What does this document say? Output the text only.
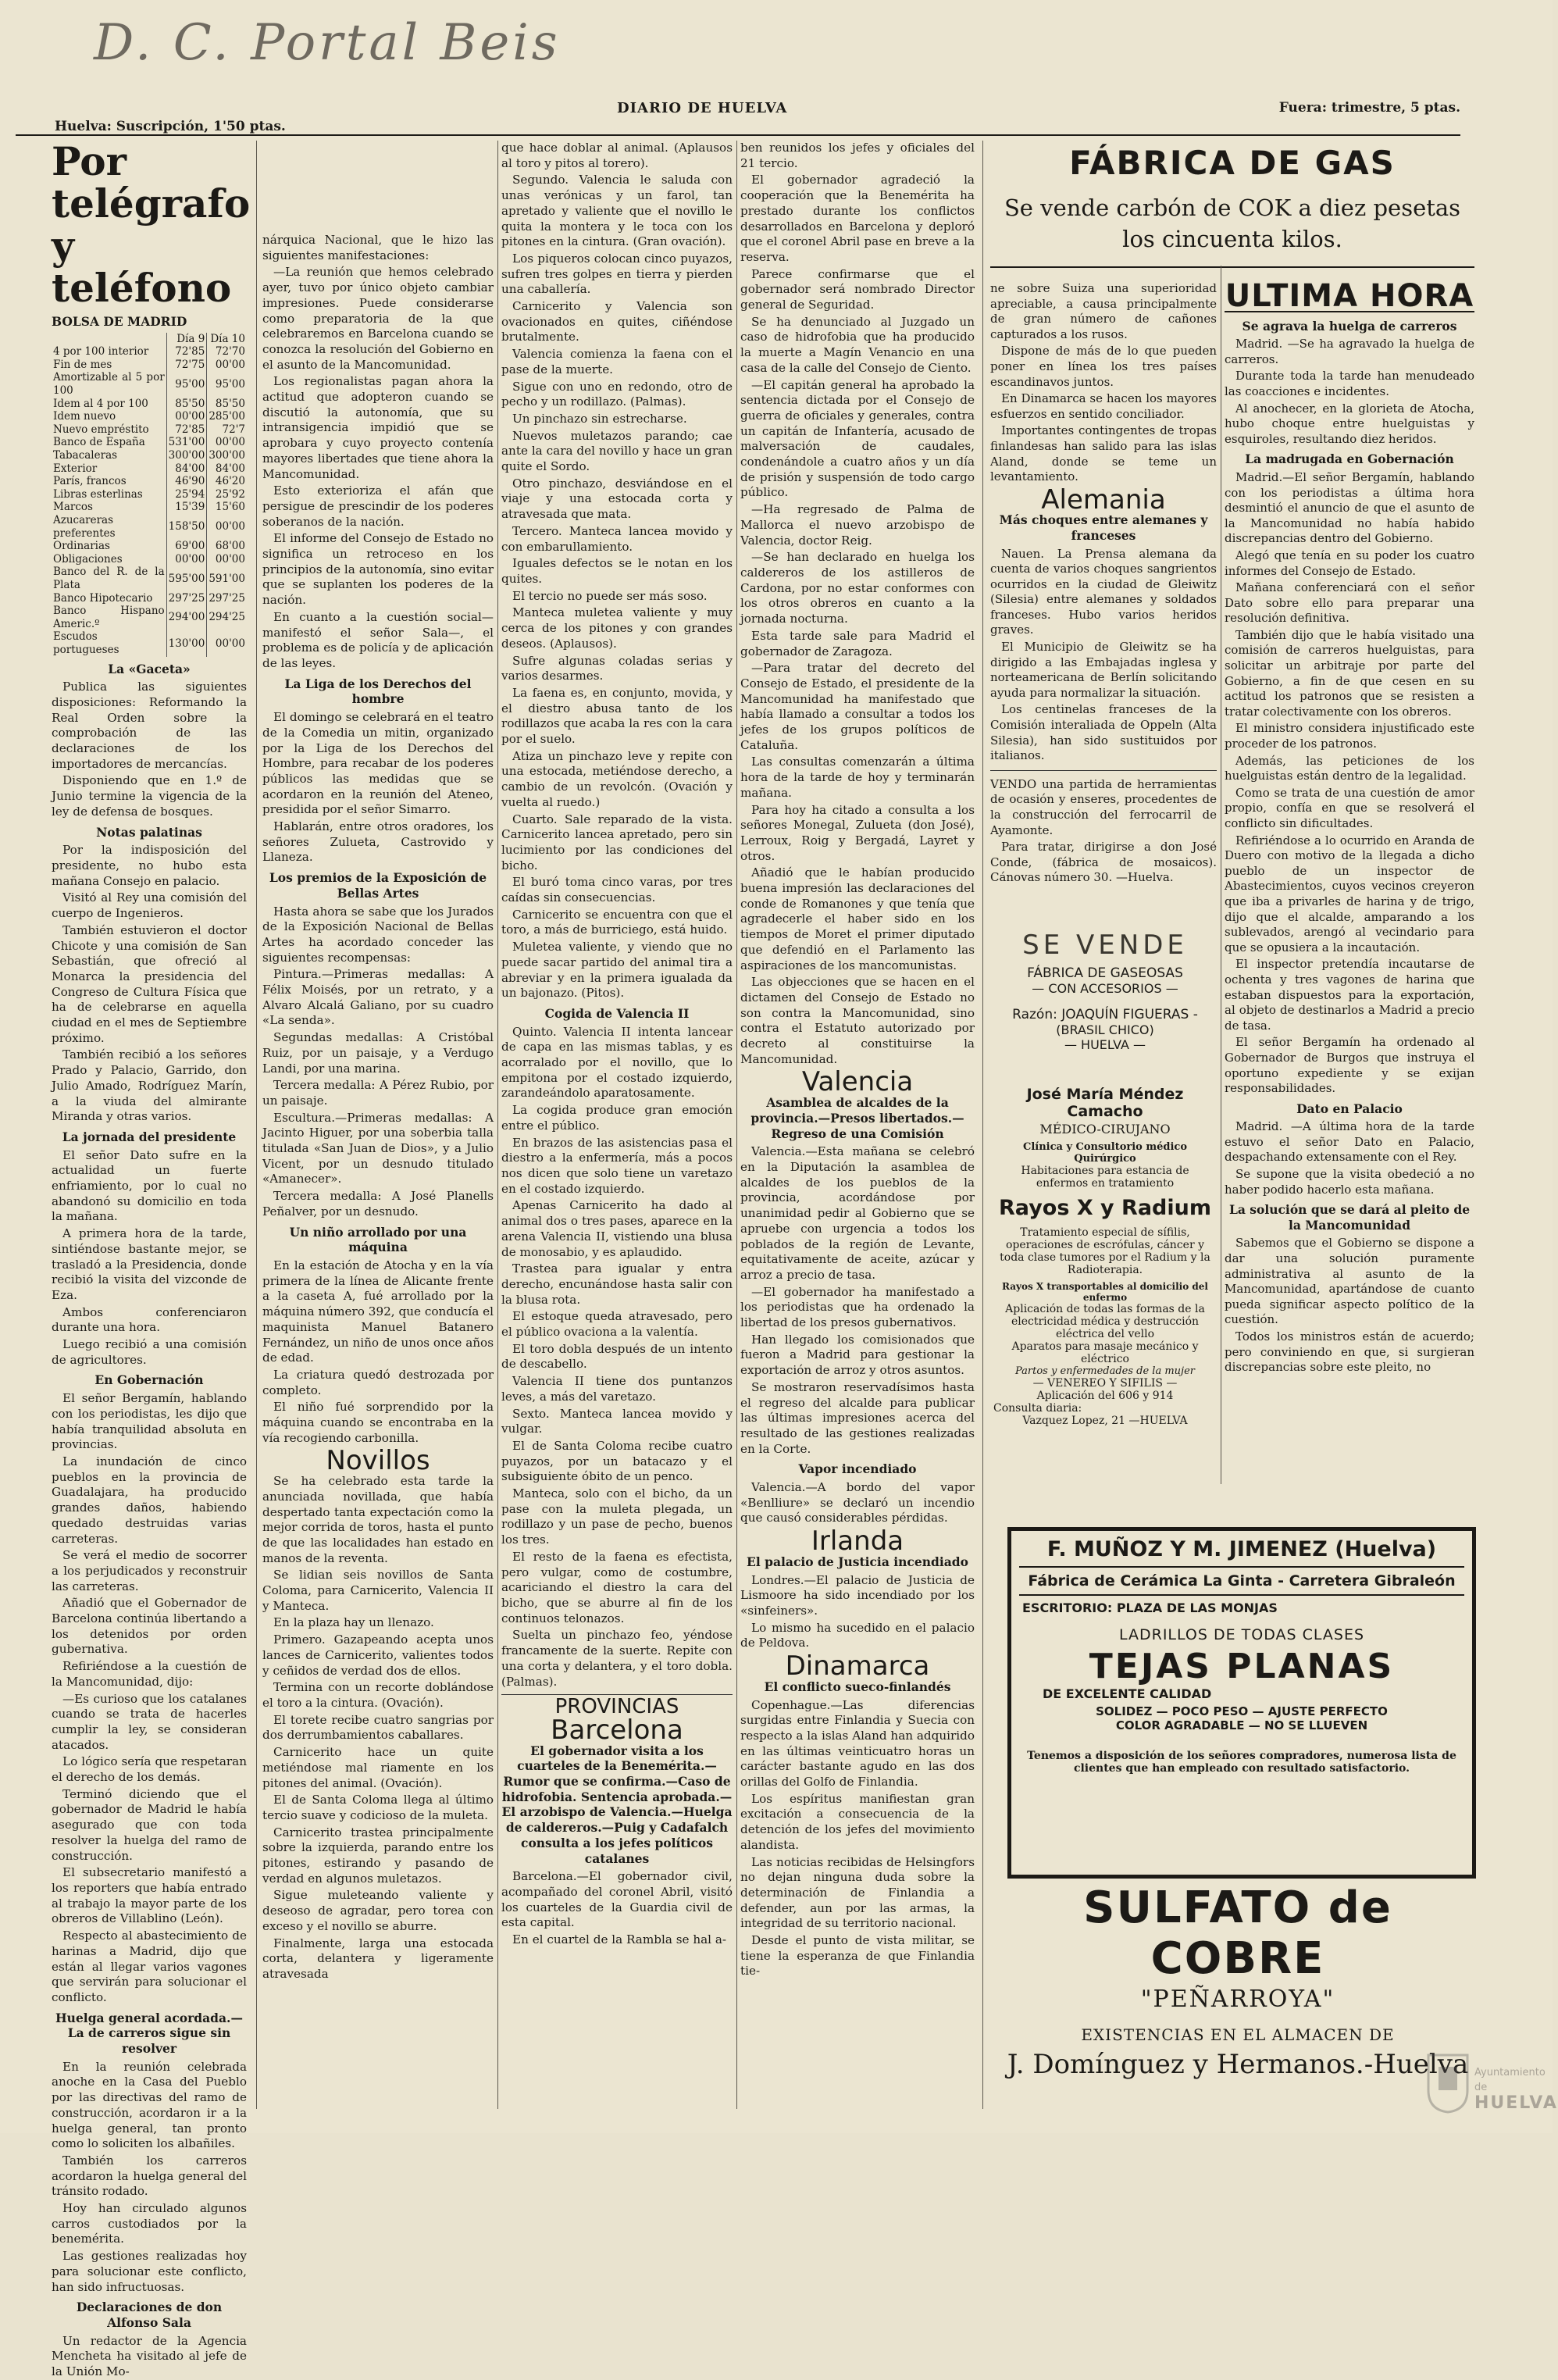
D. C. Portal Beis
Huelva: Suscripción, 1'50 ptas.
DIARIO DE HUELVA	Fuera: trimestre, 5 ptas.

Por telégrafo y teléfono

BOLSA DE MADRID
	Día 9	Día 10
4 por 100 interior	72'85	72'70
Fin de mes	72'75	00'00
Amortizable al 5 por 100	95'00	95'00
Idem al 4 por 100	85'50	85'50
Idem nuevo	00'00	285'00
Nuevo empréstito	72'85	72'7
Banco de España	531'00	00'00
Tabacaleras	300'00	300'00
Exterior	84'00	84'00
París, francos	46'90	46'20
Libras esterlinas	25'94	25'92
Marcos	15'39	15'60
Azucareras preferentes	158'50	00'00
Ordinarias	69'00	68'00
Obligaciones	00'00	00'00
Banco del R. de la Plata	595'00	591'00
Banco Hipotecario	297'25	297'25
Banco Hispano Americ.º	294'00	294'25
Escudos portugueses	130'00	00'00
La «Gaceta»

Publica las siguientes disposiciones: Reformando la Real Orden sobre la comprobación de las declaraciones de los importadores de mercancías.

Disponiendo que en 1.º de Junio termine la vigencia de la ley de defensa de bosques.

Notas palatinas

Por la indisposición del presidente, no hubo esta mañana Consejo en palacio.

Visitó al Rey una comisión del cuerpo de Ingenieros.

También estuvieron el doctor Chicote y una comisión de San Sebastián, que ofreció al Monarca la presidencia del Congreso de Cultura Física que ha de celebrarse en aquella ciudad en el mes de Septiembre próximo.

También recibió a los señores Prado y Palacio, Garrido, don Julio Amado, Rodríguez Marín, a la viuda del almirante Miranda y otras varios.

La jornada del presidente

El señor Dato sufre en la actualidad un fuerte enfriamiento, por lo cual no abandonó su domicilio en toda la mañana.

A primera hora de la tarde, sintiéndose bastante mejor, se trasladó a la Presidencia, donde recibió la visita del vizconde de Eza.

Ambos conferenciaron durante una hora.

Luego recibió a una comisión de agricultores.

En Gobernación

El señor Bergamín, hablando con los periodistas, les dijo que había tranquilidad absoluta en provincias.

La inundación de cinco pueblos en la provincia de Guadalajara, ha producido grandes daños, habiendo quedado destruidas varias carreteras.

Se verá el medio de socorrer a los perjudicados y reconstruir las carreteras.

Añadió que el Gobernador de Barcelona continúa libertando a los detenidos por orden gubernativa.

Refiriéndose a la cuestión de la Mancomunidad, dijo:

—Es curioso que los catalanes cuando se trata de hacerles cumplir la ley, se consideran atacados.

Lo lógico sería que respetaran el derecho de los demás.

Terminó diciendo que el gobernador de Madrid le había asegurado que con toda resolver la huelga del ramo de construcción.

El subsecretario manifestó a los reporters que había entrado al trabajo la mayor parte de los obreros de Villablino (León).

Respecto al abastecimiento de harinas a Madrid, dijo que están al llegar varios vagones que servirán para solucionar el conflicto.

Huelga general acordada.—La de carreros sigue sin resolver

En la reunión celebrada anoche en la Casa del Pueblo por las directivas del ramo de construcción, acordaron ir a la huelga general, tan pronto como lo soliciten los albañiles.

También los carreros acordaron la huelga general del tránsito rodado.

Hoy han circulado algunos carros custodiados por la benemérita.

Las gestiones realizadas hoy para solucionar este conflicto, han sido infructuosas.

Declaraciones de don Alfonso Sala

Un redactor de la Agencia Mencheta ha visitado al jefe de la Unión Mo-

nárquica Nacional, que le hizo las siguientes manifestaciones:

—La reunión que hemos celebrado ayer, tuvo por único objeto cambiar impresiones. Puede considerarse como preparatoria de la que celebraremos en Barcelona cuando se conozca la resolución del Gobierno en el asunto de la Mancomunidad.

Los regionalistas pagan ahora la actitud que adopteron cuando se discutió la autonomía, que su intransigencia impidió que se aprobara y cuyo proyecto contenía mayores libertades que tiene ahora la Mancomunidad.

Esto exterioriza el afán que persigue de prescindir de los poderes soberanos de la nación.

El informe del Consejo de Estado no significa un retroceso en los principios de la autonomía, sino evitar que se suplanten los poderes de la nación.

En cuanto a la cuestión social—manifestó el señor Sala—, el problema es de policía y de aplicación de las leyes.

La Liga de los Derechos del hombre

El domingo se celebrará en el teatro de la Comedia un mitin, organizado por la Liga de los Derechos del Hombre, para recabar de los poderes públicos las medidas que se acordaron en la reunión del Ateneo, presidida por el señor Simarro.

Hablarán, entre otros oradores, los señores Zulueta, Castrovido y Llaneza.

Los premios de la Exposición de Bellas Artes

Hasta ahora se sabe que los Jurados de la Exposición Nacional de Bellas Artes ha acordado conceder las siguientes recompensas:

Pintura.—Primeras medallas: A Félix Moisés, por un retrato, y a Alvaro Alcalá Galiano, por su cuadro «La senda».

Segundas medallas: A Cristóbal Ruiz, por un paisaje, y a Verdugo Landi, por una marina.

Tercera medalla: A Pérez Rubio, por un paisaje.

Escultura.—Primeras medallas: A Jacinto Higuer, por una soberbia talla titulada «San Juan de Dios», y a Julio Vicent, por un desnudo titulado «Amanecer».

Tercera medalla: A José Planells Peñalver, por un desnudo.

Un niño arrollado por una máquina

En la estación de Atocha y en la vía primera de la línea de Alicante frente a la caseta A, fué arrollado por la máquina número 392, que conducía el maquinista Manuel Batanero Fernández, un niño de unos once años de edad.

La criatura quedó destrozada por completo.

El niño fué sorprendido por la máquina cuando se encontraba en la vía recogiendo carbonilla.

Novillos

Se ha celebrado esta tarde la anunciada novillada, que había despertado tanta expectación como la mejor corrida de toros, hasta el punto de que las localidades han estado en manos de la reventa.

Se lidian seis novillos de Santa Coloma, para Carnicerito, Valencia II y Manteca.

En la plaza hay un llenazo.

Primero. Gazapeando acepta unos lances de Carnicerito, valientes todos y ceñidos de verdad dos de ellos.

Termina con un recorte doblándose el toro a la cintura. (Ovación).

El torete recibe cuatro sangrias por dos derrumbamientos caballares.

Carnicerito hace un quite metiéndose mal riamente en los pitones del animal. (Ovación).

El de Santa Coloma llega al último tercio suave y codicioso de la muleta.

Carnicerito trastea principalmente sobre la izquierda, parando entre los pitones, estirando y pasando de verdad en algunos muletazos.

Sigue muleteando valiente y deseoso de agradar, pero torea con exceso y el novillo se aburre.

Finalmente, larga una estocada corta, delantera y ligeramente atravesada

que hace doblar al animal. (Aplausos al toro y pitos al torero).

Segundo. Valencia le saluda con unas verónicas y un farol, tan apretado y valiente que el novillo le quita la montera y le toca con los pitones en la cintura. (Gran ovación).

Los piqueros colocan cinco puyazos, sufren tres golpes en tierra y pierden una caballería.

Carnicerito y Valencia son ovacionados en quites, ciñéndose brutalmente.

Valencia comienza la faena con el pase de la muerte.

Sigue con uno en redondo, otro de pecho y un rodillazo. (Palmas).

Un pinchazo sin estrecharse.

Nuevos muletazos parando; cae ante la cara del novillo y hace un gran quite el Sordo.

Otro pinchazo, desviándose en el viaje y una estocada corta y atravesada que mata.

Tercero. Manteca lancea movido y con embarullamiento.

Iguales defectos se le notan en los quites.

El tercio no puede ser más soso.

Manteca muletea valiente y muy cerca de los pitones y con grandes deseos. (Aplausos).

Sufre algunas coladas serias y varios desarmes.

La faena es, en conjunto, movida, y el diestro abusa tanto de los rodillazos que acaba la res con la cara por el suelo.

Atiza un pinchazo leve y repite con una estocada, metiéndose derecho, a cambio de un revolcón. (Ovación y vuelta al ruedo.)

Cuarto. Sale reparado de la vista. Carnicerito lancea apretado, pero sin lucimiento por las condiciones del bicho.

El buró toma cinco varas, por tres caídas sin consecuencias.

Carnicerito se encuentra con que el toro, a más de burriciego, está huido.

Muletea valiente, y viendo que no puede sacar partido del animal tira a abreviar y en la primera igualada da un bajonazo. (Pitos).

Cogida de Valencia II

Quinto. Valencia II intenta lancear de capa en las mismas tablas, y es acorralado por el novillo, que lo empitona por el costado izquierdo, zarandeándolo aparatosamente.

La cogida produce gran emoción entre el público.

En brazos de las asistencias pasa el diestro a la enfermería, más a pocos nos dicen que solo tiene un varetazo en el costado izquierdo.

Apenas Carnicerito ha dado al animal dos o tres pases, aparece en la arena Valencia II, vistiendo una blusa de monosabio, y es aplaudido.

Trastea para igualar y entra derecho, encunándose hasta salir con la blusa rota.

El estoque queda atravesado, pero el público ovaciona a la valentía.

El toro dobla después de un intento de descabello.

Valencia II tiene dos puntanzos leves, a más del varetazo.

Sexto. Manteca lancea movido y vulgar.

El de Santa Coloma recibe cuatro puyazos, por un batacazo y el subsiguiente óbito de un penco.

Manteca, solo con el bicho, da un pase con la muleta plegada, un rodillazo y un pase de pecho, buenos los tres.

El resto de la faena es efectista, pero vulgar, como de costumbre, acariciando el diestro la cara del bicho, que se aburre al fin de los continuos telonazos.

Suelta un pinchazo feo, yéndose francamente de la suerte. Repite con una corta y delantera, y el toro dobla. (Palmas).

PROVINCIAS
Barcelona
El gobernador visita a los cuarteles de la Benemérita.—Rumor que se confirma.—Caso de hidrofobia. Sentencia aprobada.—El arzobispo de Valencia.—Huelga de caldereros.—Puig y Cadafalch consulta a los jefes políticos catalanes

Barcelona.—El gobernador civil, acompañado del coronel Abril, visitó los cuarteles de la Guardia civil de esta capital.

En el cuartel de la Rambla se hal a-

ben reunidos los jefes y oficiales del 21 tercio.

El gobernador agradeció la cooperación que la Benemérita ha prestado durante los conflictos desarrollados en Barcelona y deploró que el coronel Abril pase en breve a la reserva.

Parece confirmarse que el gobernador será nombrado Director general de Seguridad.

Se ha denunciado al Juzgado un caso de hidrofobia que ha producido la muerte a Magín Venancio en una casa de la calle del Consejo de Ciento.

—El capitán general ha aprobado la sentencia dictada por el Consejo de guerra de oficiales y generales, contra un capitán de Infantería, acusado de malversación de caudales, condenándole a cuatro años y un día de prisión y suspensión de todo cargo público.

—Ha regresado de Palma de Mallorca el nuevo arzobispo de Valencia, doctor Reig.

—Se han declarado en huelga los caldereros de los astilleros de Cardona, por no estar conformes con los otros obreros en cuanto a la jornada nocturna.

Esta tarde sale para Madrid el gobernador de Zaragoza.

—Para tratar del decreto del Consejo de Estado, el presidente de la Mancomunidad ha manifestado que había llamado a consultar a todos los jefes de los grupos políticos de Cataluña.

Las consultas comenzarán a última hora de la tarde de hoy y terminarán mañana.

Para hoy ha citado a consulta a los señores Monegal, Zulueta (don José), Lerroux, Roig y Bergadá, Layret y otros.

Añadió que le habían producido buena impresión las declaraciones del conde de Romanones y que tenía que agradecerle el haber sido en los tiempos de Moret el primer diputado que defendió en el Parlamento las aspiraciones de los mancomunistas.

Las objecciones que se hacen en el dictamen del Consejo de Estado no son contra la Mancomunidad, sino contra el Estatuto autorizado por decreto al constituirse la Mancomunidad.

Valencia
Asamblea de alcaldes de la provincia.—Presos libertados.—Regreso de una Comisión

Valencia.—Esta mañana se celebró en la Diputación la asamblea de alcaldes de los pueblos de la provincia, acordándose por unanimidad pedir al Gobierno que se apruebe con urgencia a todos los poblados de la región de Levante, equitativamente de aceite, azúcar y arroz a precio de tasa.

—El gobernador ha manifestado a los periodistas que ha ordenado la libertad de los presos gubernativos.

Han llegado los comisionados que fueron a Madrid para gestionar la exportación de arroz y otros asuntos.

Se mostraron reservadísimos hasta el regreso del alcalde para publicar las últimas impresiones acerca del resultado de las gestiones realizadas en la Corte.

Vapor incendiado

Valencia.—A bordo del vapor «Benlliure» se declaró un incendio que causó considerables pérdidas.

Irlanda
El palacio de Justicia incendiado

Londres.—El palacio de Justicia de Lismoore ha sido incendiado por los «sinfeiners».

Lo mismo ha sucedido en el palacio de Peldova.

Dinamarca
El conflicto sueco-finlandés

Copenhague.—Las diferencias surgidas entre Finlandia y Suecia con respecto a la islas Aland han adquirido en las últimas veinticuatro horas un carácter bastante agudo en las dos orillas del Golfo de Finlandia.

Los espíritus manifiestan gran excitación a consecuencia de la detención de los jefes del movimiento alandista.

Las noticias recibidas de Helsingfors no dejan ninguna duda sobre la determinación de Finlandia a defender, aun por las armas, la integridad de su territorio nacional.

Desde el punto de vista militar, se tiene la esperanza de que Finlandia tie-

FÁBRICA DE GAS
Se vende carbón de COK a diez pesetas
los cincuenta kilos.

ne sobre Suiza una superioridad apreciable, a causa principalmente de gran número de cañones capturados a los rusos.

Dispone de más de lo que pueden poner en línea los tres países escandinavos juntos.

En Dinamarca se hacen los mayores esfuerzos en sentido conciliador.

Importantes contingentes de tropas finlandesas han salido para las islas Aland, donde se teme un levantamiento.

Alemania
Más choques entre alemanes y franceses

Nauen. La Prensa alemana da cuenta de varios choques sangrientos ocurridos en la ciudad de Gleiwitz (Silesia) entre alemanes y soldados franceses. Hubo varios heridos graves.

El Municipio de Gleiwitz se ha dirigido a las Embajadas inglesa y norteamericana de Berlín solicitando ayuda para normalizar la situación.

Los centinelas franceses de la Comisión interaliada de Oppeln (Alta Silesia), han sido sustituidos por italianos.

VENDO una partida de herramientas de ocasión y enseres, procedentes de la construcción del ferrocarril de Ayamonte.

Para tratar, dirigirse a don José Conde, (fábrica de mosaicos). Cánovas número 30. —Huelva.

ULTIMA HORA
Se agrava la huelga de carreros

Madrid. —Se ha agravado la huelga de carreros.

Durante toda la tarde han menudeado las coacciones e incidentes.

Al anochecer, en la glorieta de Atocha, hubo choque entre huelguistas y esquiroles, resultando diez heridos.

La madrugada en Gobernación

Madrid.—El señor Bergamín, hablando con los periodistas a última hora desmintió el anuncio de que el asunto de la Mancomunidad no había habido discrepancias dentro del Gobierno.

Alegó que tenía en su poder los cuatro informes del Consejo de Estado.

Mañana conferenciará con el señor Dato sobre ello para preparar una resolución definitiva.

También dijo que le había visitado una comisión de carreros huelguistas, para solicitar un arbitraje por parte del Gobierno, a fin de que cesen en su actitud los patronos que se resisten a tratar colectivamente con los obreros.

El ministro considera injustificado este proceder de los patronos.

Además, las peticiones de los huelguistas están dentro de la legalidad.

Como se trata de una cuestión de amor propio, confía en que se resolverá el conflicto sin dificultades.

Refiriéndose a lo ocurrido en Aranda de Duero con motivo de la llegada a dicho pueblo de un inspector de Abastecimientos, cuyos vecinos creyeron que iba a privarles de harina y de trigo, dijo que el alcalde, amparando a los sublevados, arengó al vecindario para que se opusiera a la incautación.

El inspector pretendía incautarse de ochenta y tres vagones de harina que estaban dispuestos para la exportación, al objeto de destinarlos a Madrid a precio de tasa.

El señor Bergamín ha ordenado al Gobernador de Burgos que instruya el oportuno expediente y se exijan responsabilidades.

Dato en Palacio

Madrid. —A última hora de la tarde estuvo el señor Dato en Palacio, despachando extensamente con el Rey.

Se supone que la visita obedeció a no haber podido hacerlo esta mañana.

La solución que se dará al pleito de la Mancomunidad

Sabemos que el Gobierno se dispone a dar una solución puramente administrativa al asunto de la Mancomunidad, apartándose de cuanto pueda significar aspecto político de la cuestión.

Todos los ministros están de acuerdo; pero conviniendo en que, si surgieran discrepancias sobre este pleito, no

SE VENDE
FÁBRICA DE GASEOSAS
— CON ACCESORIOS —
Razón: JOAQUÍN FIGUERAS -
(BRASIL CHICO)
— HUELVA —
José María Méndez Camacho
MÉDICO-CIRUJANO
Clínica y Consultorio médico Quirúrgico
Habitaciones para estancia de enfermos en tratamiento
Rayos X y Radium
Tratamiento especial de sífilis, operaciones de escrófulas, cáncer y toda clase tumores por el Radium y la Radioterapia.
Rayos X transportables al domicilio del enfermo
Aplicación de todas las formas de la electricidad médica y destrucción eléctrica del vello
Aparatos para masaje mecánico y eléctrico
Partos y enfermedades de la mujer
— VENEREO Y SIFILIS —
Aplicación del 606 y 914
Consulta diaria:
Vazquez Lopez, 21 —HUELVA
F. MUÑOZ Y M. JIMENEZ (Huelva)
Fábrica de Cerámica La Ginta - Carretera Gibraleón
ESCRITORIO: PLAZA DE LAS MONJAS
LADRILLOS DE TODAS CLASES
TEJAS PLANAS
DE EXCELENTE CALIDAD
SOLIDEZ — POCO PESO — AJUSTE PERFECTO
COLOR AGRADABLE — NO SE LLUEVEN
Tenemos a disposición de los señores compradores, numerosa lista de clientes que han empleado con resultado satisfactorio.
SULFATO de COBRE
"PEÑARROYA"
EXISTENCIAS EN EL ALMACEN DE
J. Domínguez y Hermanos.-Huelva Ayuntamiento de
HUELVA
